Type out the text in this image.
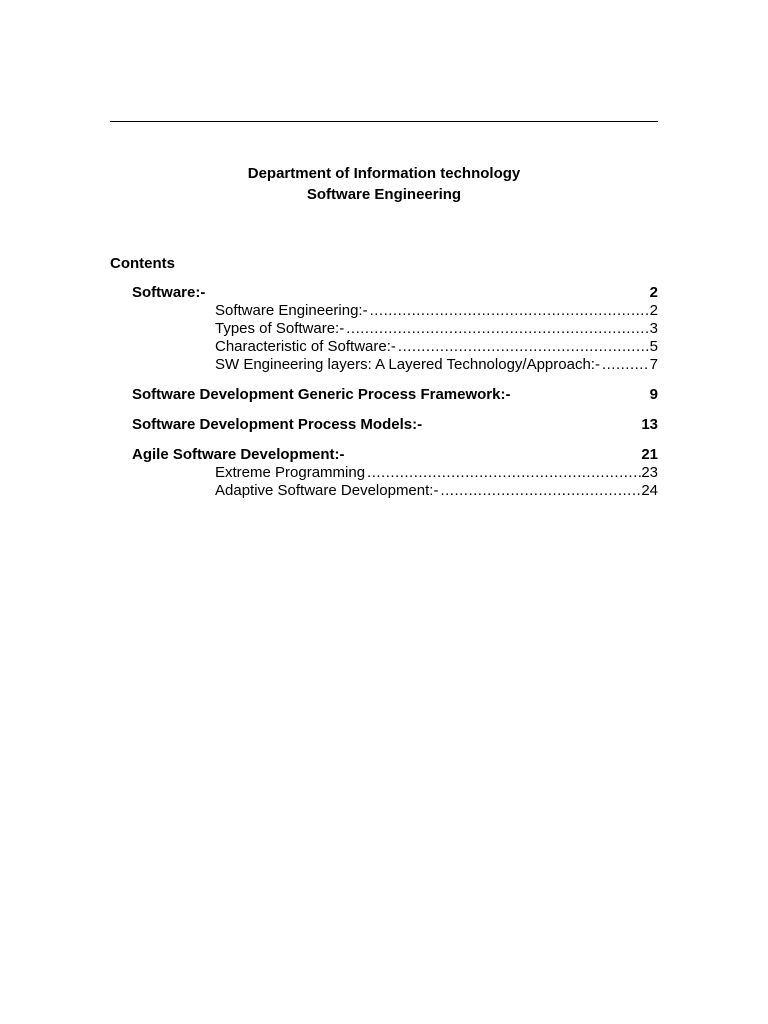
Department of Information technology
Software Engineering
Contents
Software:-	2
Software Engineering:- .....	2
Types of Software:- .....	3
Characteristic of Software:- .....	5
SW Engineering layers: A Layered Technology/Approach:- .....	7
Software Development Generic Process Framework:-	9
Software Development Process Models:-	13
Agile Software Development:-	21
Extreme Programming .....	23
Adaptive Software Development:- .....	24
